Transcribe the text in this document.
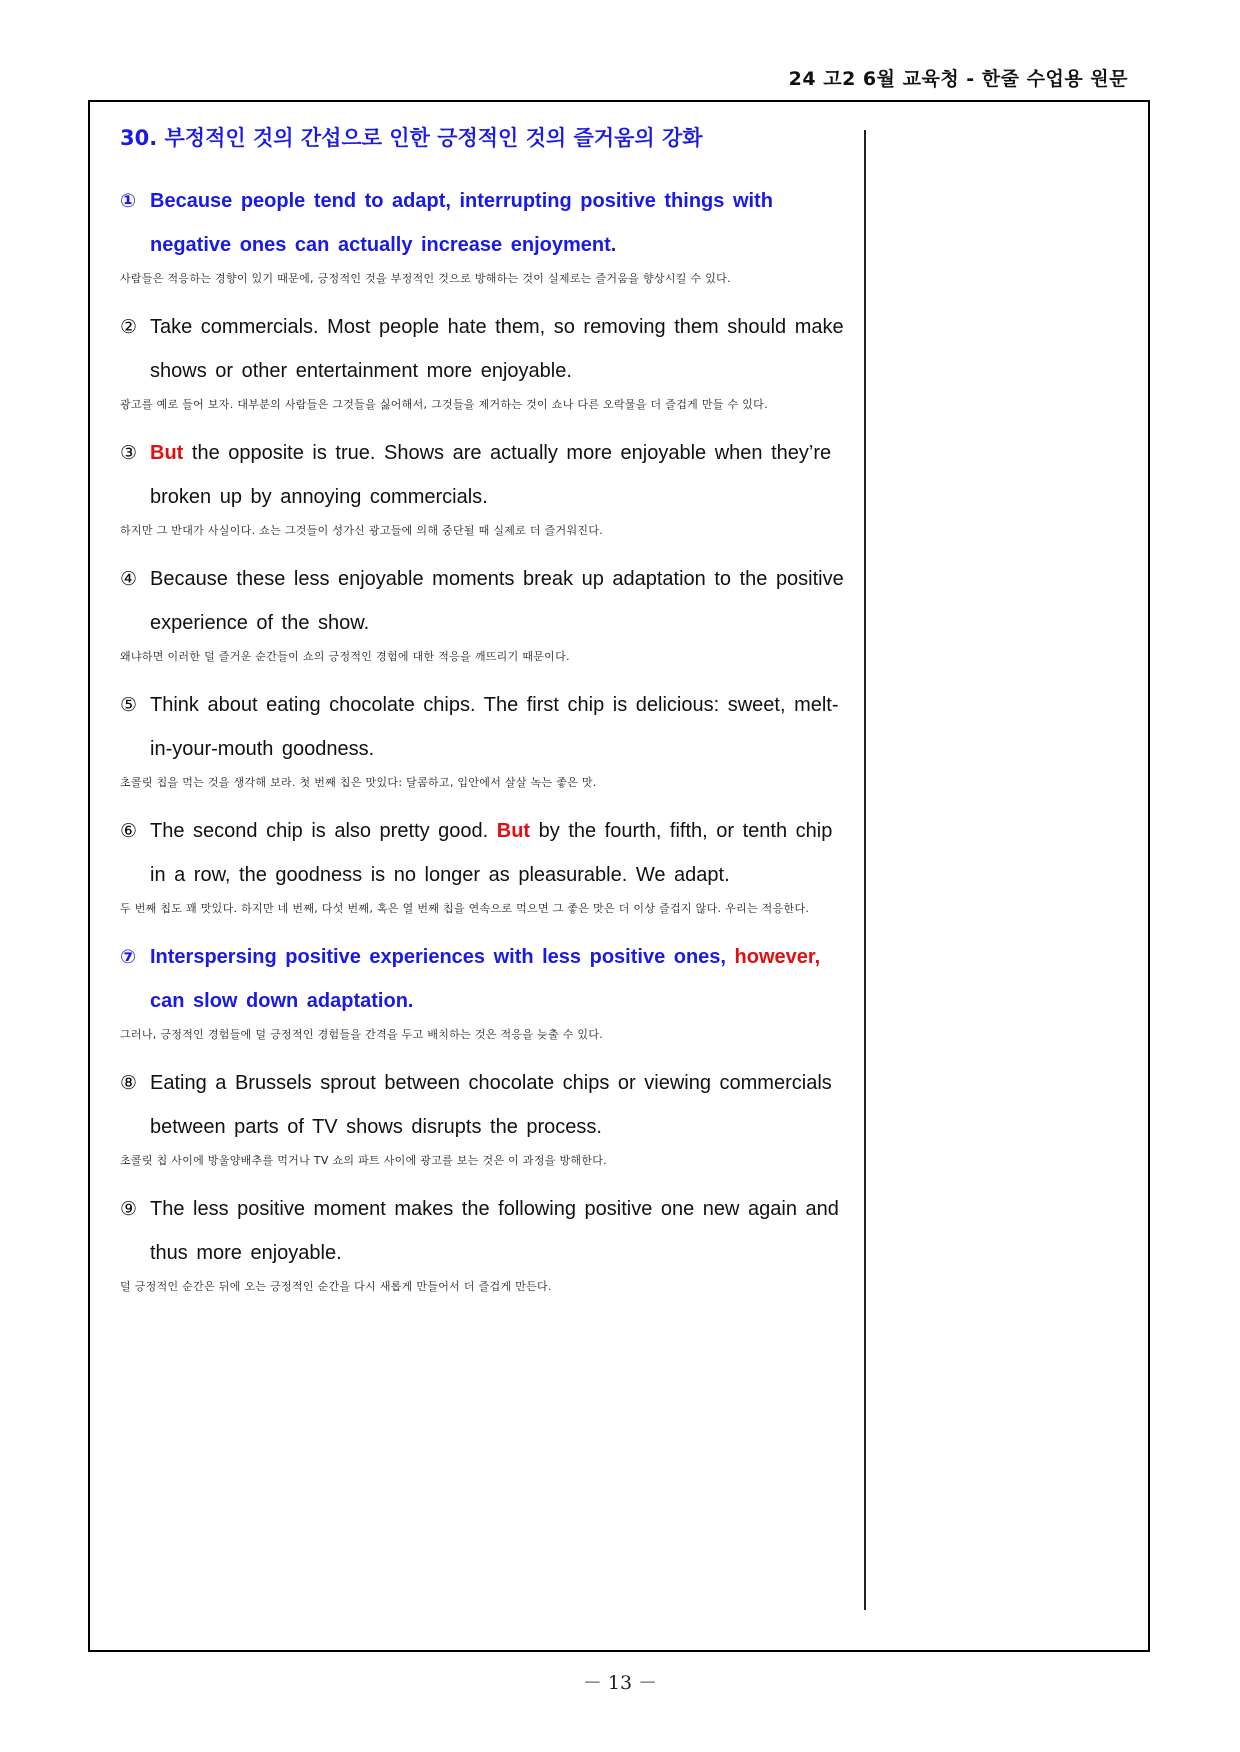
24 고2 6월 교육청 - 한줄 수업용 원문
30. 부정적인 것의 간섭으로 인한 긍정적인 것의 즐거움의 강화
① Because people tend to adapt, interrupting positive things with negative ones can actually increase enjoyment.
사람들은 적응하는 경향이 있기 때문에, 긍정적인 것을 부정적인 것으로 방해하는 것이 실제로는 즐거움을 향상시킬 수 있다.
② Take commercials. Most people hate them, so removing them should make shows or other entertainment more enjoyable.
광고를 예로 들어 보자. 대부분의 사람들은 그것들을 싫어해서, 그것들을 제거하는 것이 쇼나 다른 오락물을 더 즐겁게 만들 수 있다.
③ But the opposite is true. Shows are actually more enjoyable when they’re broken up by annoying commercials.
하지만 그 반대가 사실이다. 쇼는 그것들이 성가신 광고들에 의해 중단될 때 실제로 더 즐거워진다.
④ Because these less enjoyable moments break up adaptation to the positive experience of the show.
왜냐하면 이러한 덜 즐거운 순간들이 쇼의 긍정적인 경험에 대한 적응을 깨뜨리기 때문이다.
⑤ Think about eating chocolate chips. The first chip is delicious: sweet, melt-in-your-mouth goodness.
초콜릿 칩을 먹는 것을 생각해 보라. 첫 번째 칩은 맛있다: 달콤하고, 입안에서 살살 녹는 좋은 맛.
⑥ The second chip is also pretty good. But by the fourth, fifth, or tenth chip in a row, the goodness is no longer as pleasurable. We adapt.
두 번째 칩도 꽤 맛있다. 하지만 네 번째, 다섯 번째, 혹은 열 번째 칩을 연속으로 먹으면 그 좋은 맛은 더 이상 즐겁지 않다. 우리는 적응한다.
⑦ Interspersing positive experiences with less positive ones, however, can slow down adaptation.
그러나, 긍정적인 경험들에 덜 긍정적인 경험들을 간격을 두고 배치하는 것은 적응을 늦출 수 있다.
⑧ Eating a Brussels sprout between chocolate chips or viewing commercials between parts of TV shows disrupts the process.
초콜릿 칩 사이에 방울양배추를 먹거나 TV 쇼의 파트 사이에 광고를 보는 것은 이 과정을 방해한다.
⑨ The less positive moment makes the following positive one new again and thus more enjoyable.
덜 긍정적인 순간은 뒤에 오는 긍정적인 순간을 다시 새롭게 만들어서 더 즐겁게 만든다.
－ 13 －
